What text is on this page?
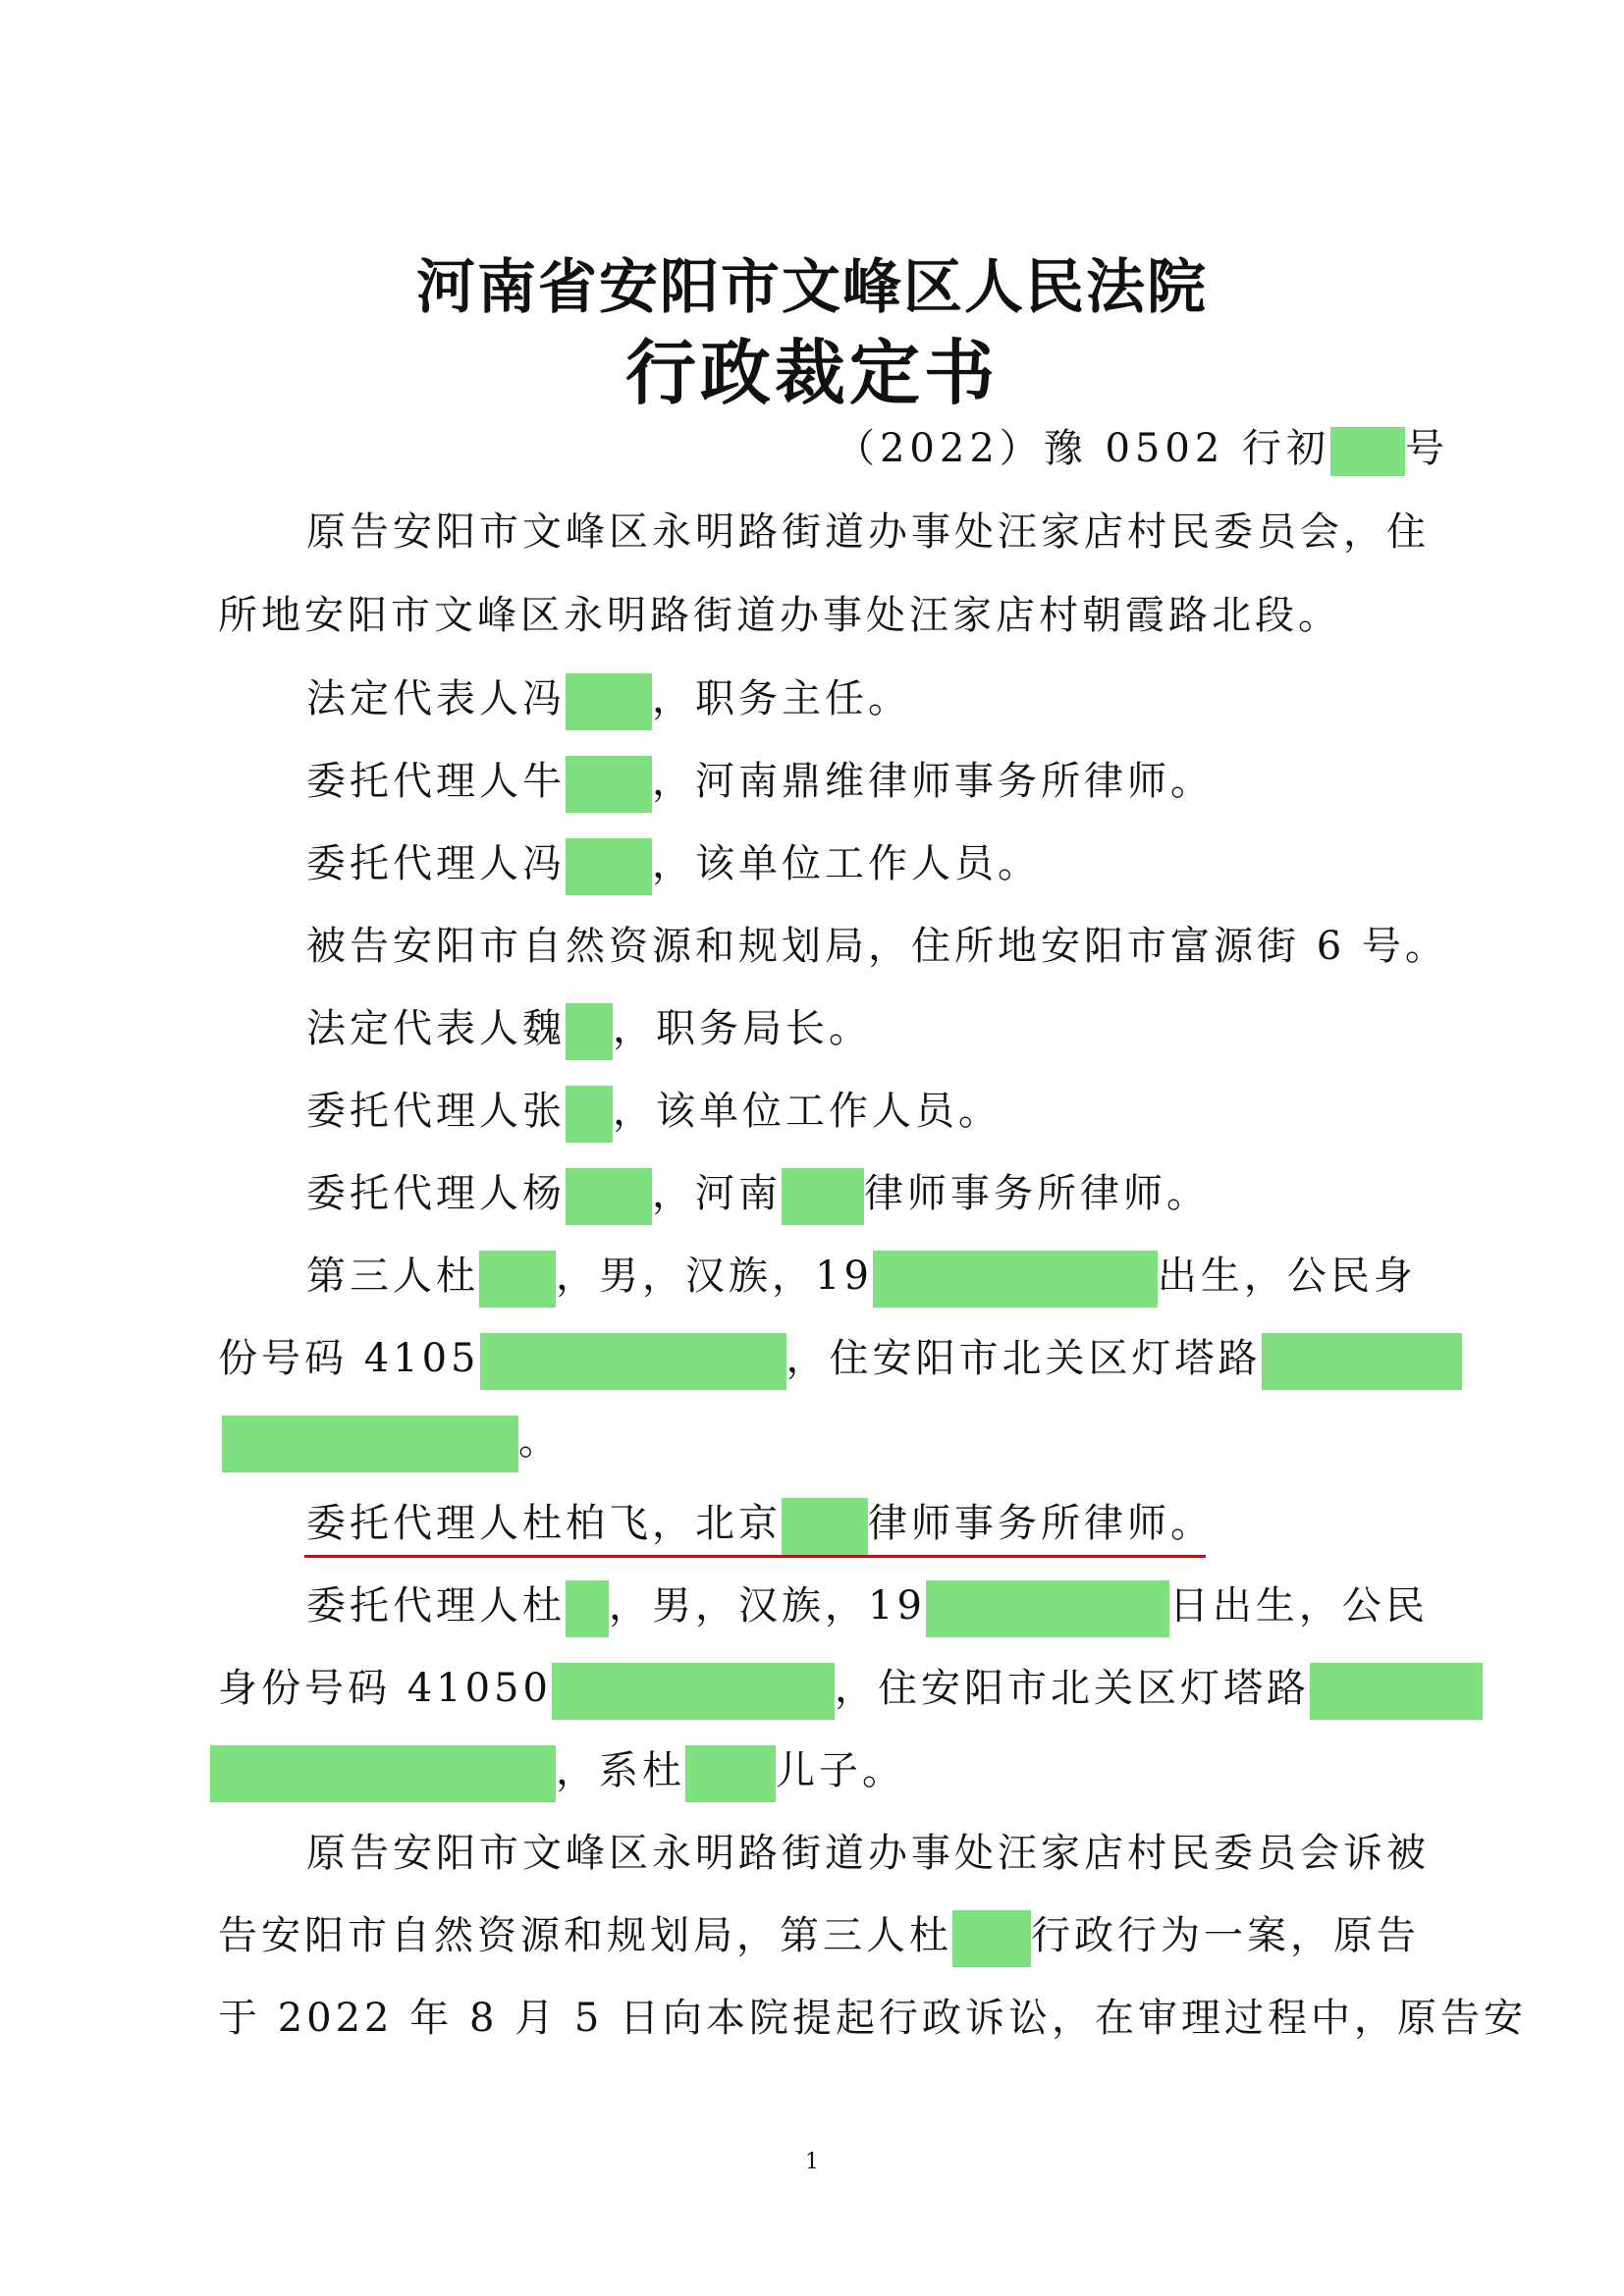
河南省安阳市文峰区人民法院
行政裁定书
（2022）豫 0502 行初 号
原告安阳市文峰区永明路街道办事处汪家店村民委员会，住
所地安阳市文峰区永明路街道办事处汪家店村朝霞路北段。
法定代表人冯 ，职务主任。
委托代理人牛 ，河南鼎维律师事务所律师。
委托代理人冯 ，该单位工作人员。
被告安阳市自然资源和规划局，住所地安阳市富源街 6 号。
法定代表人魏 ，职务局长。
委托代理人张 ，该单位工作人员。
委托代理人杨 ，河南 律师事务所律师。
第三人杜 ，男，汉族，19	出生，公民身
份号码 4105	，住安阳市北关区灯塔路
。
委托代理人杜柏飞，北京 律师事务所律师。
委托代理人杜 ，男，汉族，19	日出生，公民
身份号码 41050	，住安阳市北关区灯塔路
，系杜 儿子。
原告安阳市文峰区永明路街道办事处汪家店村民委员会诉被
告安阳市自然资源和规划局，第三人杜 行政行为一案，原告
于 2022 年 8 月 5 日向本院提起行政诉讼，在审理过程中，原告安
1
